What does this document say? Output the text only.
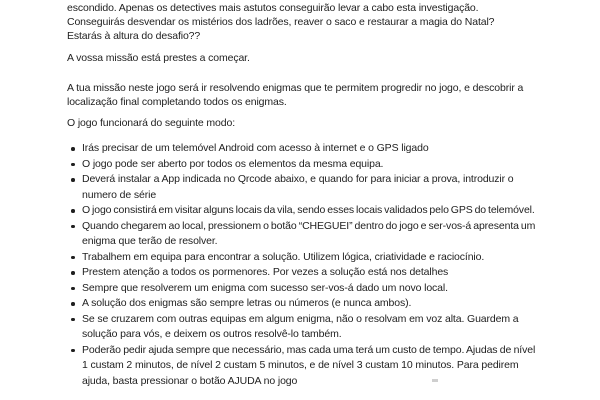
escondido. Apenas os detectives mais astutos conseguirão levar a cabo esta investigação.
Conseguirás desvendar os mistérios dos ladrões, reaver o saco e restaurar a magia do Natal?
Estarás à altura do desafio??
A vossa missão está prestes a começar.
A tua missão neste jogo será ir resolvendo enigmas que te permitem progredir no jogo, e descobrir a
localização final completando todos os enigmas.
O jogo funcionará do seguinte modo:
Irás precisar de um telemóvel Android com acesso à internet e o GPS ligado
O jogo pode ser aberto por todos os elementos da mesma equipa.
Deverá instalar a App indicada no Qrcode abaixo, e quando for para iniciar a prova, introduzir o
numero de série
O jogo consistirá em visitar alguns locais da vila, sendo esses locais validados pelo GPS do telemóvel.
Quando chegarem ao local, pressionem o botão “CHEGUEI” dentro do jogo e ser-vos-á apresenta um
enigma que terão de resolver.
Trabalhem em equipa para encontrar a solução. Utilizem lógica, criatividade e raciocínio.
Prestem atenção a todos os pormenores. Por vezes a solução está nos detalhes
Sempre que resolverem um enigma com sucesso ser-vos-á dado um novo local.
A solução dos enigmas são sempre letras ou números (e nunca ambos).
Se se cruzarem com outras equipas em algum enigma, não o resolvam em voz alta. Guardem a
solução para vós, e deixem os outros resolvê-lo também.
Poderão pedir ajuda sempre que necessário, mas cada uma terá um custo de tempo. Ajudas de nível
1 custam 2 minutos, de nível 2 custam 5 minutos, e de nível 3 custam 10 minutos. Para pedirem
ajuda, basta pressionar o botão AJUDA no jogo
